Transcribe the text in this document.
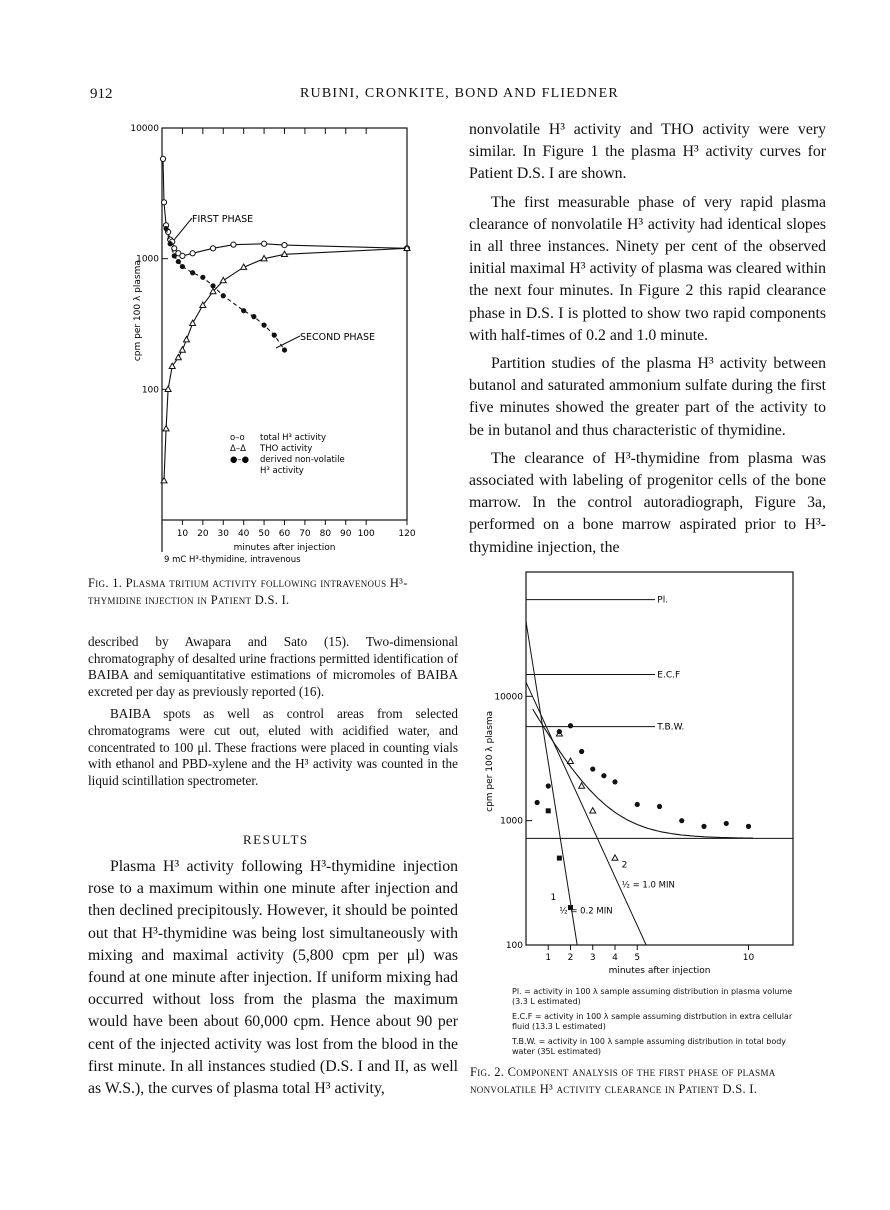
912	RUBINI, CRONKITE, BOND AND FLIEDNER
10 20 30 40 50 60 70 80 90 100	120
100
1000
10000
minutes after injection
cpm per 100 λ plasma
9 mC H³-thymidine, intravenous
FIRST PHASE
SECOND PHASE
o–o total H³ activity
Δ–Δ THO activity
●–● derived non-volatile
H³ activity
Fig. 1. Plasma tritium activity following intravenous H³-thymidine injection in Patient D.S. I.

nonvolatile H³ activity and THO activity were very similar. In Figure 1 the plasma H³ activity curves for Patient D.S. I are shown.

The first measurable phase of very rapid plasma clearance of nonvolatile H³ activity had identical slopes in all three instances. Ninety per cent of the observed initial maximal H³ activity of plasma was cleared within the next four minutes. In Figure 2 this rapid clearance phase in D.S. I is plotted to show two rapid components with half-times of 0.2 and 1.0 minute.

Partition studies of the plasma H³ activity between butanol and saturated ammonium sulfate during the first five minutes showed the greater part of the activity to be in butanol and thus characteristic of thymidine.

The clearance of H³-thymidine from plasma was associated with labeling of progenitor cells of the bone marrow. In the control autoradiograph, Figure 3a, performed on a bone marrow aspirated prior to H³-thymidine injection, the

described by Awapara and Sato (15). Two-dimensional chromatography of desalted urine fractions permitted identification of BAIBA and semiquantitative estimations of micromoles of BAIBA excreted per day as previously reported (16).

BAIBA spots as well as control areas from selected chromatograms were cut out, eluted with acidified water, and concentrated to 100 μl. These fractions were placed in counting vials with ethanol and PBD-xylene and the H³ activity was counted in the liquid scintillation spectrometer.

RESULTS

Plasma H³ activity following H³-thymidine injection rose to a maximum within one minute after injection and then declined precipitously. However, it should be pointed out that H³-thymidine was being lost simultaneously with mixing and maximal activity (5,800 cpm per μl) was found at one minute after injection. If uniform mixing had occurred without loss from the plasma the maximum would have been about 60,000 cpm. Hence about 90 per cent of the injected activity was lost from the blood in the first minute. In all instances studied (D.S. I and II, as well as W.S.), the curves of plasma total H³ activity,

1 2 3 4 5	10
100
1000
10000
minutes after injection
cpm per 100 λ plasma
Pl.
E.C.F
T.B.W.
1
2
½ = 0.2 MIN
½ = 1.0 MIN
Pl. = activity in 100 λ sample assuming distribution in plasma volume (3.3 L estimated)
E.C.F = activity in 100 λ sample assuming distrbution in extra cellular fluid (13.3 L estimated)
T.B.W. = activity in 100 λ sample assuming distribution in total body water (35L estimated)
Fig. 2. Component analysis of the first phase of plasma nonvolatile H³ activity clearance in Patient D.S. I.
